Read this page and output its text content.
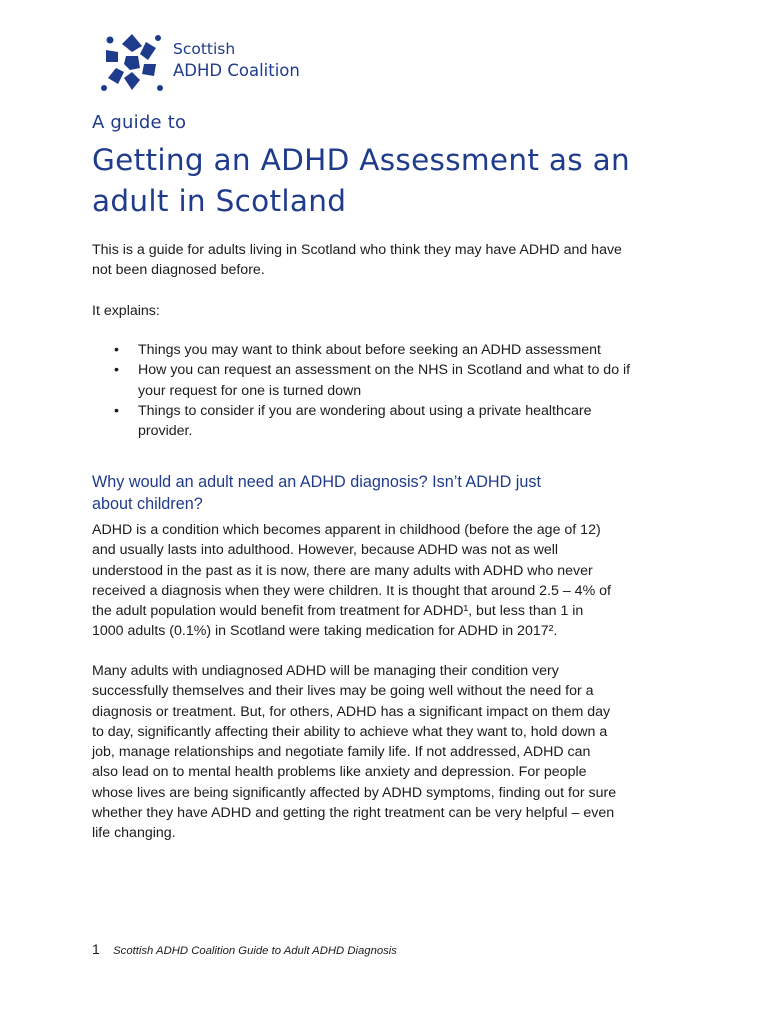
Scottish
ADHD Coalition
A guide to
Getting an ADHD Assessment as an
adult in Scotland
This is a guide for adults living in Scotland who think they may have ADHD and have
not been diagnosed before.
It explains:
• Things you may want to think about before seeking an ADHD assessment
• How you can request an assessment on the NHS in Scotland and what to do if
your request for one is turned down
• Things to consider if you are wondering about using a private healthcare
provider.
Why would an adult need an ADHD diagnosis? Isn’t ADHD just
about children?
ADHD is a condition which becomes apparent in childhood (before the age of 12)
and usually lasts into adulthood. However, because ADHD was not as well
understood in the past as it is now, there are many adults with ADHD who never
received a diagnosis when they were children. It is thought that around 2.5 – 4% of
the adult population would benefit from treatment for ADHD¹, but less than 1 in
1000 adults (0.1%) in Scotland were taking medication for ADHD in 2017².
Many adults with undiagnosed ADHD will be managing their condition very
successfully themselves and their lives may be going well without the need for a
diagnosis or treatment. But, for others, ADHD has a significant impact on them day
to day, significantly affecting their ability to achieve what they want to, hold down a
job, manage relationships and negotiate family life. If not addressed, ADHD can
also lead on to mental health problems like anxiety and depression. For people
whose lives are being significantly affected by ADHD symptoms, finding out for sure
whether they have ADHD and getting the right treatment can be very helpful – even
life changing.
1 Scottish ADHD Coalition Guide to Adult ADHD Diagnosis
